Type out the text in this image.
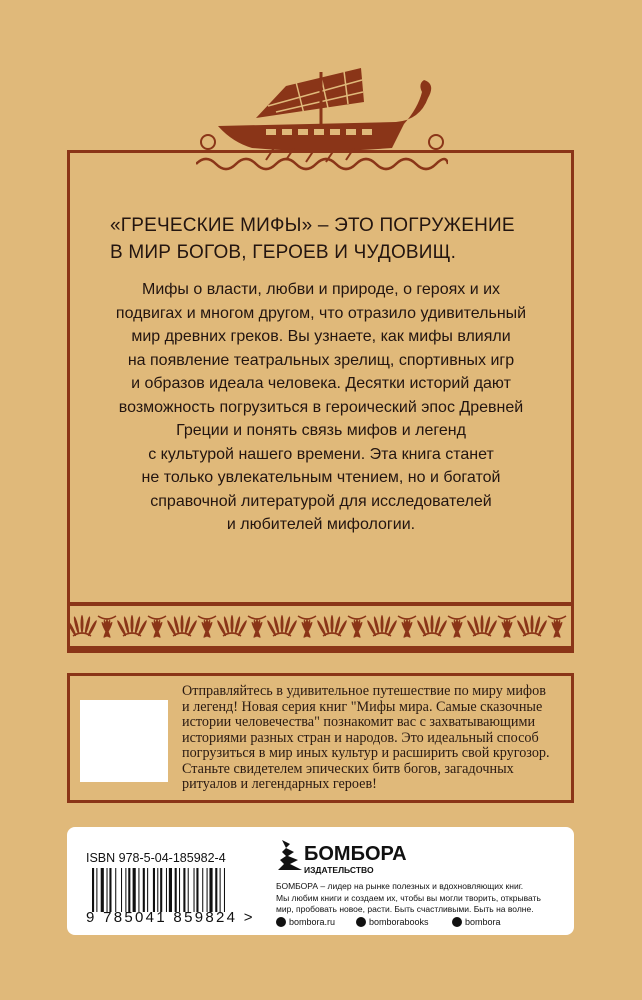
«ГРЕЧЕСКИЕ МИФЫ» – ЭТО ПОГРУЖЕНИЕ
В МИР БОГОВ, ГЕРОЕВ И ЧУДОВИЩ.
Мифы о власти, любви и природе, о героях и их
подвигах и многом другом, что отразило удивительный
мир древних греков. Вы узнаете, как мифы влияли
на появление театральных зрелищ, спортивных игр
и образов идеала человека. Десятки историй дают
возможность погрузиться в героический эпос Древней
Греции и понять связь мифов и легенд
с культурой нашего времени. Эта книга станет
не только увлекательным чтением, но и богатой
справочной литературой для исследователей
и любителей мифологии.
Отправляйтесь в удивительное путешествие по миру мифов
и легенд! Новая серия книг "Мифы мира. Самые сказочные
истории человечества" познакомит вас с захватывающими
историями разных стран и народов. Это идеальный способ
погрузиться в мир иных культур и расширить свой кругозор.
Станьте свидетелем эпических битв богов, загадочных
ритуалов и легендарных героев!
ISBN 978-5-04-185982-4
9 785041 859824 >
БОМБОРА
ИЗДАТЕЛЬСТВО
БОМБОРА – лидер на рынке полезных и вдохновляющих книг.
Мы любим книги и создаем их, чтобы вы могли творить, открывать
мир, пробовать новое, расти. Быть счастливыми. Быть на волне.
bombora.ru	bomborabooks	bombora
